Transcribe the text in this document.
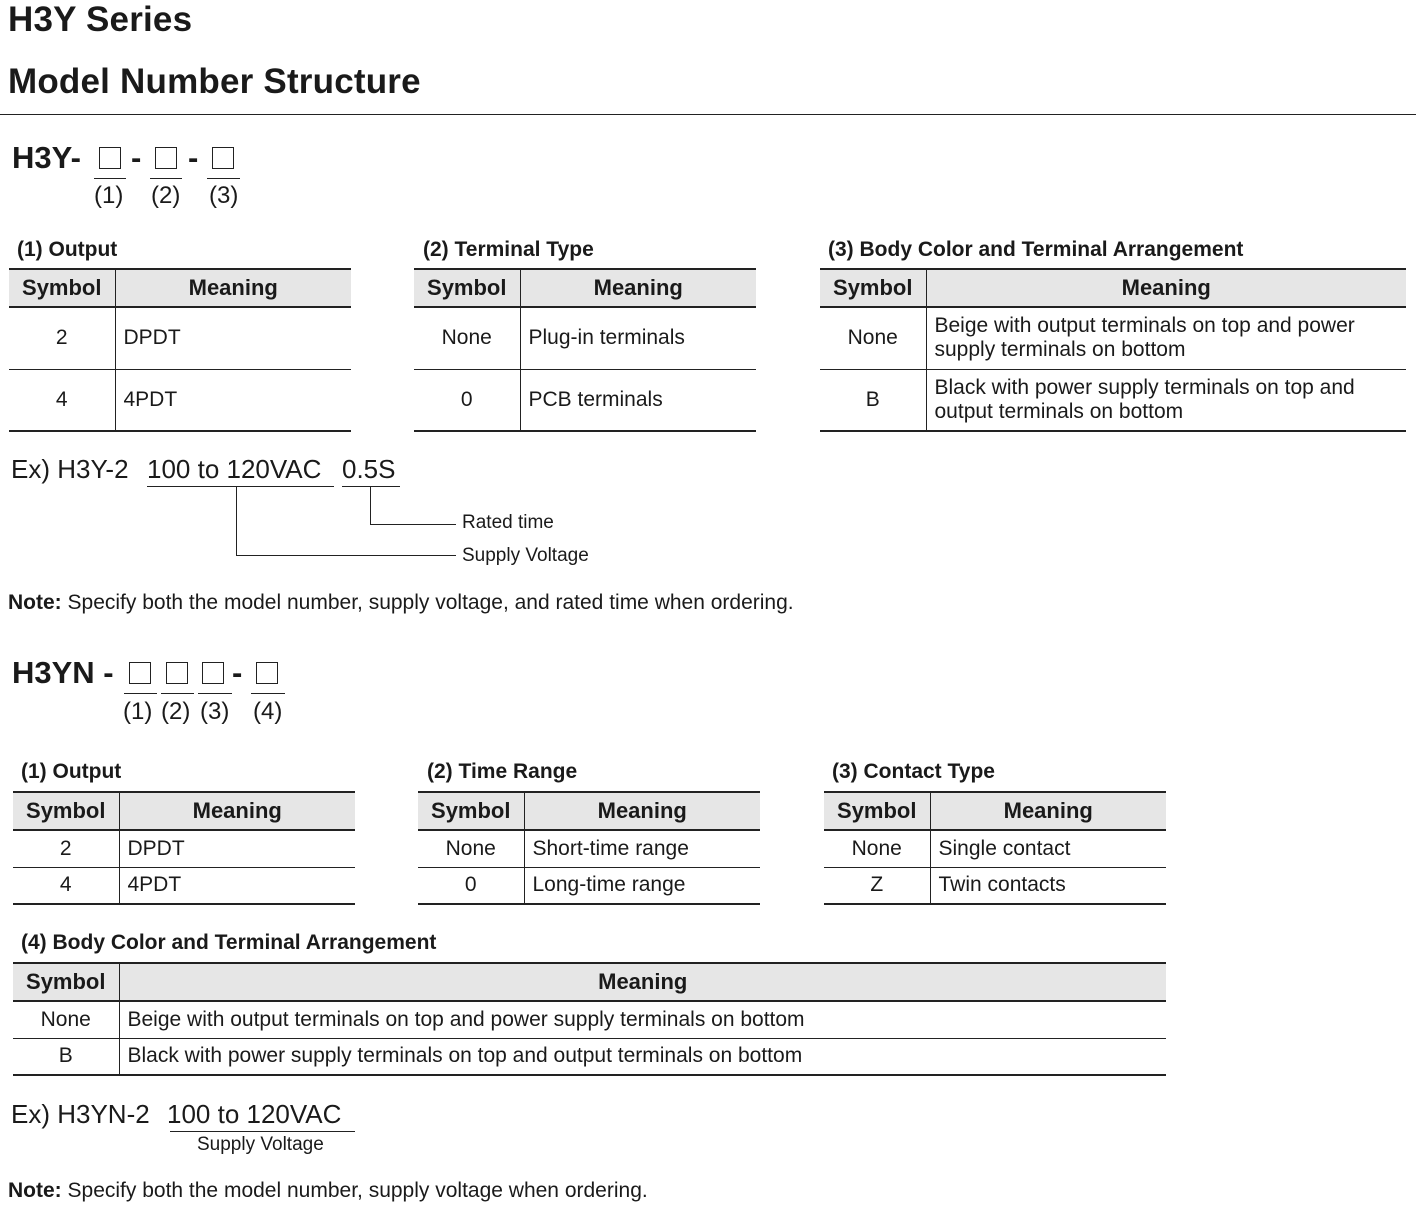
H3Y Series
Model Number Structure
H3Y- - -
(1) (2) (3)
(1) Output
Symbol	Meaning
2	DPDT
4	4PDT
(2) Terminal Type
Symbol	Meaning
None	Plug-in terminals
0	PCB terminals
(3) Body Color and Terminal Arrangement
Symbol	Meaning
None	Beige with output terminals on top and power supply terminals on bottom
B	Black with power supply terminals on top and output terminals on bottom
Ex) H3Y-2 100 to 120VAC 0.5S
Rated time
Supply Voltage
Note: Specify both the model number, supply voltage, and rated time when ordering.
H3YN -	-
(1) (2) (3) (4)
(1) Output
Symbol	Meaning
2	DPDT
4	4PDT
(2) Time Range
Symbol	Meaning
None	Short-time range
0	Long-time range
(3) Contact Type
Symbol	Meaning
None	Single contact
Z	Twin contacts
(4) Body Color and Terminal Arrangement
Symbol	Meaning
None	Beige with output terminals on top and power supply terminals on bottom
B	Black with power supply terminals on top and output terminals on bottom
Ex) H3YN-2 100 to 120VAC
Supply Voltage
Note: Specify both the model number, supply voltage when ordering.
